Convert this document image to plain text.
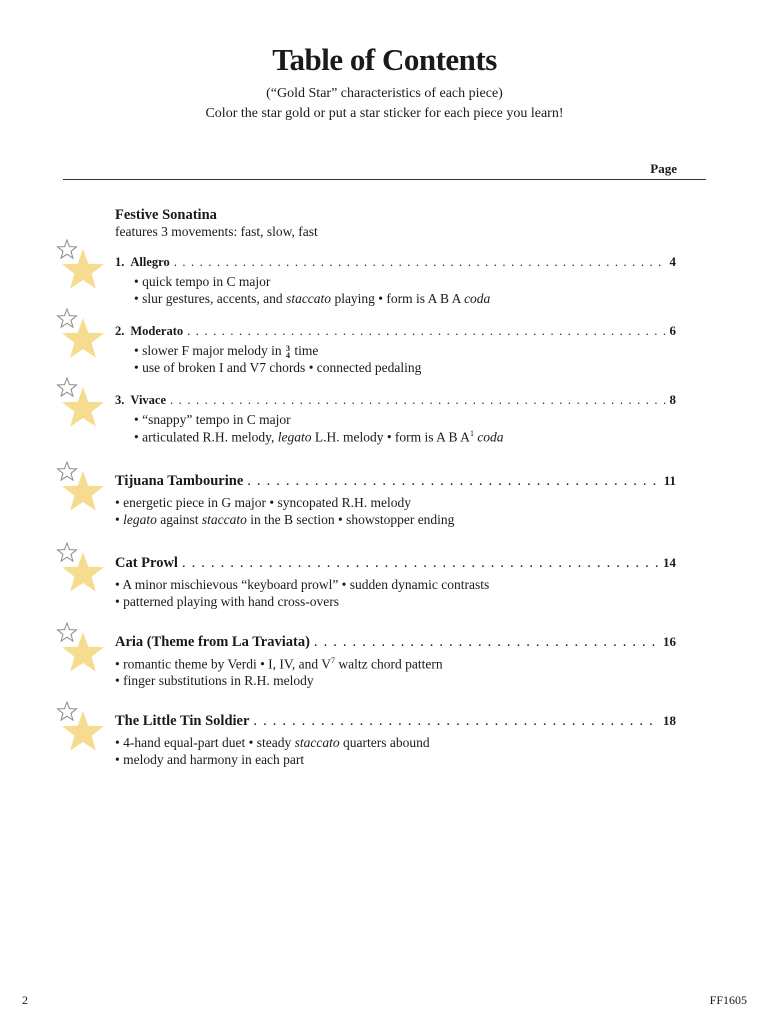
Table of Contents
(“Gold Star” characteristics of each piece)
Color the star gold or put a star sticker for each piece you learn!
Page
Festive Sonatina
features 3 movements: fast, slow, fast
1. Allegro . . .	4
• quick tempo in C major
• slur gestures, accents, and staccato playing • form is A B A coda
2. Moderato . . .	6
• slower F major melody in 3
4 time
• use of broken I and V7 chords • connected pedaling
3. Vivace . . .	8
• “snappy” tempo in C major
• articulated R.H. melody, legato L.H. melody • form is A B $A^1$ coda
Tijuana Tambourine . . .	11
• energetic piece in G major • syncopated R.H. melody
• legato against staccato in the B section • showstopper ending
Cat Prowl . . .	14
• A minor mischievous “keyboard prowl” • sudden dynamic contrasts
• patterned playing with hand cross-overs
Aria (Theme from La Traviata) . . .	16
• romantic theme by Verdi • I, IV, and $V^7$ waltz chord pattern
• finger substitutions in R.H. melody
The Little Tin Soldier . . .	18
• 4-hand equal-part duet • steady staccato quarters abound
• melody and harmony in each part
2	FF1605
